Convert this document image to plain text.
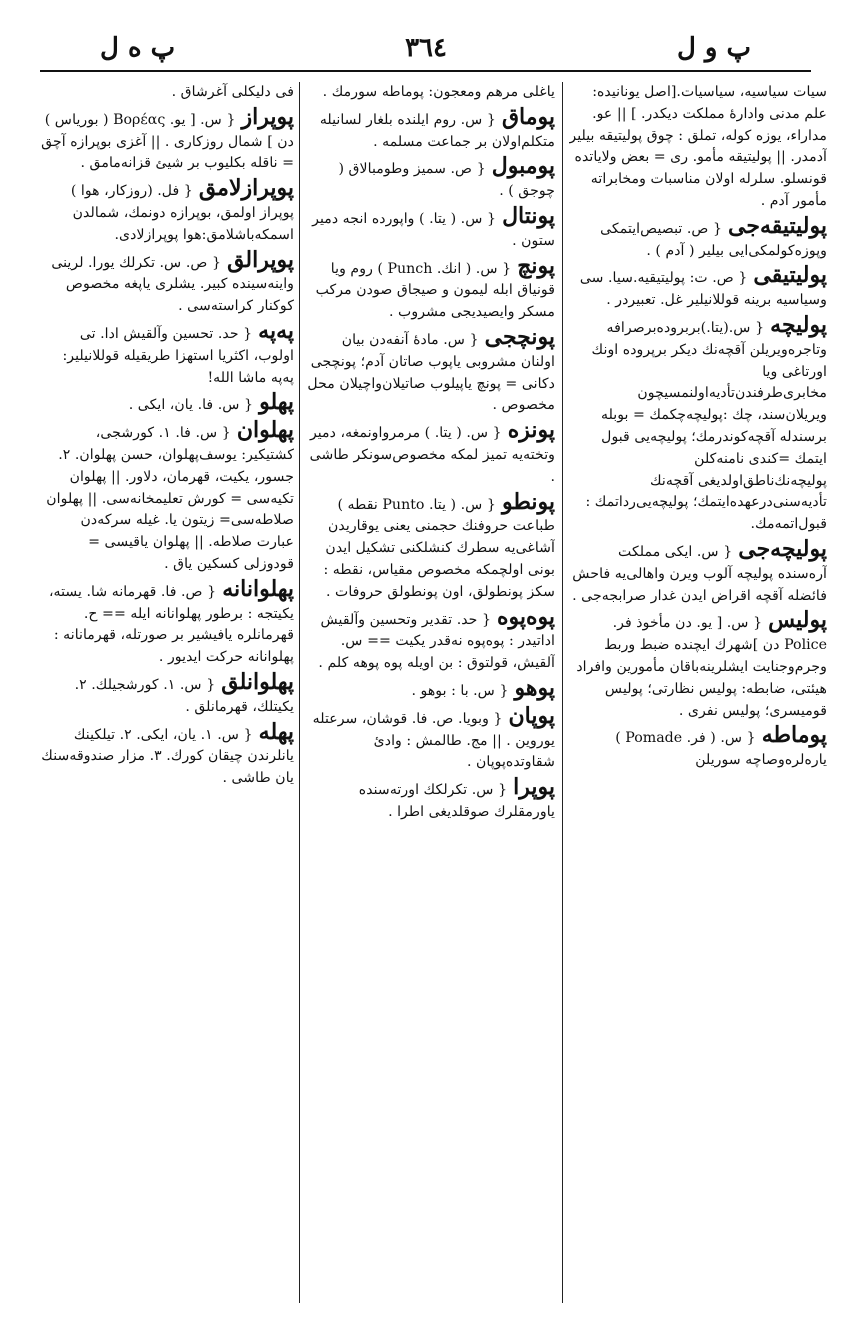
پ و ل
٣٦٤
پ ه ل
سیات سیاسیه، سیاسیات.[اصل یونانیده: علم مدنی وادارۀ مملکت دیکدر. ] || عو. مداراء، یوزه کوله، تملق : چوق پولیتیقه بیلیر آدمدر. || پولیتیقه مأمو. ری = بعض ولایاتده قونسلو. سلرله اولان مناسبات ومخابراته مأمور آدم .
پولیتیقه‌جی{ ص. تبصیص‌ایتمکی وپوزه‌کولمکی‌ایی بیلیر ( آدم ) .
پولیتیقی{ ص. ت: پولیتیقیه.سیا. سی وسیاسیه برینه قوللانیلیر غل. تعبیردر .
پولیچه{ س.(یتا.)بربروده‌برصرافه وتاجره‌ویریلن آقچه‌نك دیكر برپروده اونك اورتاغی ویا مخابری‌طرفندن‌تأدیه‌اولنمسیچون ویریلان‌سند، چك :پولیچه‌چكمك = بوبله برسندله آقچه‌كوندرمك؛ پولیچه‌یی قبول ایتمك =كندی نامنه‌كلن پولیچه‌نك‌ناطق‌اولدیغی آقچه‌نك تأدیه‌سنی‌درعهده‌ایتمك؛ پولیچه‌یی‌رداتمك : قبول‌اتمه‌مك.
پولیچه‌جی{ س. ایكی مملكت آره‌سنده پولیچه آلوب ویرن واهالی‌یه فاحش فائضله آقچه اقراض ایدن غدار صرابجه‌جی .
پولیس{ س. [ یو. دن مأخوذ فر. Police دن ]شهرك ایچنده ضبط وربط وجرم‌وجنایت ایشلرینه‌باقان مأمورین وافراد هیئتی، ضابطه: پولیس نظارتی؛ پولیس قومیسری؛ پولیس نفری .
پوماطه{ س. ( فر. Pomade ) یاره‌لره‌وصاچه سوریلن
یاغلی مرهم ومعجون: پوماطه سورمك .
پوماق{ س. روم ایلنده بلغار لسانیله متكلم‌اولان بر جماعت مسلمه .
پومبول{ ص. سمیز وطومبالاق ( چوجق ) .
پونتال{ س. ( یتا. ) واپورده انجه دمیر ستون .
پونچ{ س. ( انك. Punch ) روم ویا قونیاق ابله لیمون و صیجاق صودن مركب مسكر وایصیدیجی مشروب .
پونچجی{ س. مادۀ آنفه‌دن بیان اولنان مشروبی یاپوب صاتان آدم؛ پونچجی دكانی = پونچ یاپیلوب صاتیلان‌واچیلان محل مخصوص .
پونزه{ س. ( یتا. ) مرمر‌واونمغه، دمیر وتخته‌یه تمیز لمكه مخصوص‌سونكر طاشی .
پونطو{ س. ( یتا. Punto نقطه ) طباعت حروفنك حجمنی یعنی یوقاریدن آشاغی‌یه سطرك كنشلكنی تشكیل ایدن بونی اولچمكه مخصوص مقیاس، نقطه : سكز پونطولق، اون پونطولق حروفات .
پوه‌پوه{ حد. تقدیر وتحسین وآلقیش اداتیدر : پوه‌پوه نه‌قدر یكیت == س. آلقیش، قولتوق : بن اویله پوه پوهه كلم .
پوهو{ س. با : بوهو .
پوپان{ وبویا. ص. فا. قوشان، سرعتله یوروین . || مج. طالمش : وادئ شقاوتده‌پوپان .
پوپرا{ س. تكرلكك اورته‌سنده یاورمقلرك صوقلدیغی اطرا .
فی دلیكلی آغرشاق .
پوپراز{ س. [ یو. Βορέας ( بوریاس ) دن ] شمال روزكاری . || آغزی بوپرازه آچق = ناقله بكلیوب بر شیئ قزانه‌مامق .
پوپرازلامق{ فل. (روزكار، هوا ) پوپراز اولمق، بوپرازه دونمك، شمالدن اسمكه‌باشلامق:هوا پوپرازلادی.
پوپرالق{ ص. س. تكرلك یورا. لرینی واینه‌سینده كبیر. یشلری یاپغه مخصوص كوكنار كراسته‌سی .
په‌په{ حد. تحسین وآلقیش ادا. تی اولوب، اكثریا استهزا طریقیله قوللانیلیر: په‌په ماشا الله!
پهلو{ س. فا. یان، ایكی .
پهلوان{ س. فا. ١. كورشجی، كشتیكیر: یوسف‌پهلوان، حسن پهلوان. ٢. جسور، یكیت، قهرمان، دلاور. || پهلوان تكیه‌سی = كورش تعلیمخانه‌سی. || پهلوان صلاطه‌سی= زیتون یا. غیله سركه‌دن عبارت صلاطه. || پهلوان یاقیسی = قودوزلی كسكین یاق .
پهلوانانه{ ص. فا. قهرمانه شا. یسته، یكیتجه : برطور پهلوانانه ایله == ح. قهرمانلره یافیشیر بر صورتله، قهرمانانه : پهلوانانه حركت ایدیور .
پهلوانلق{ س. ١. كورشجیلك. ٢. یكیتلك، قهرمانلق .
پهله{ س. ١. یان، ایكی. ٢. تیلكینك یانلرندن چیقان كورك. ٣. مزار صندوقه‌سنك یان طاشی .
